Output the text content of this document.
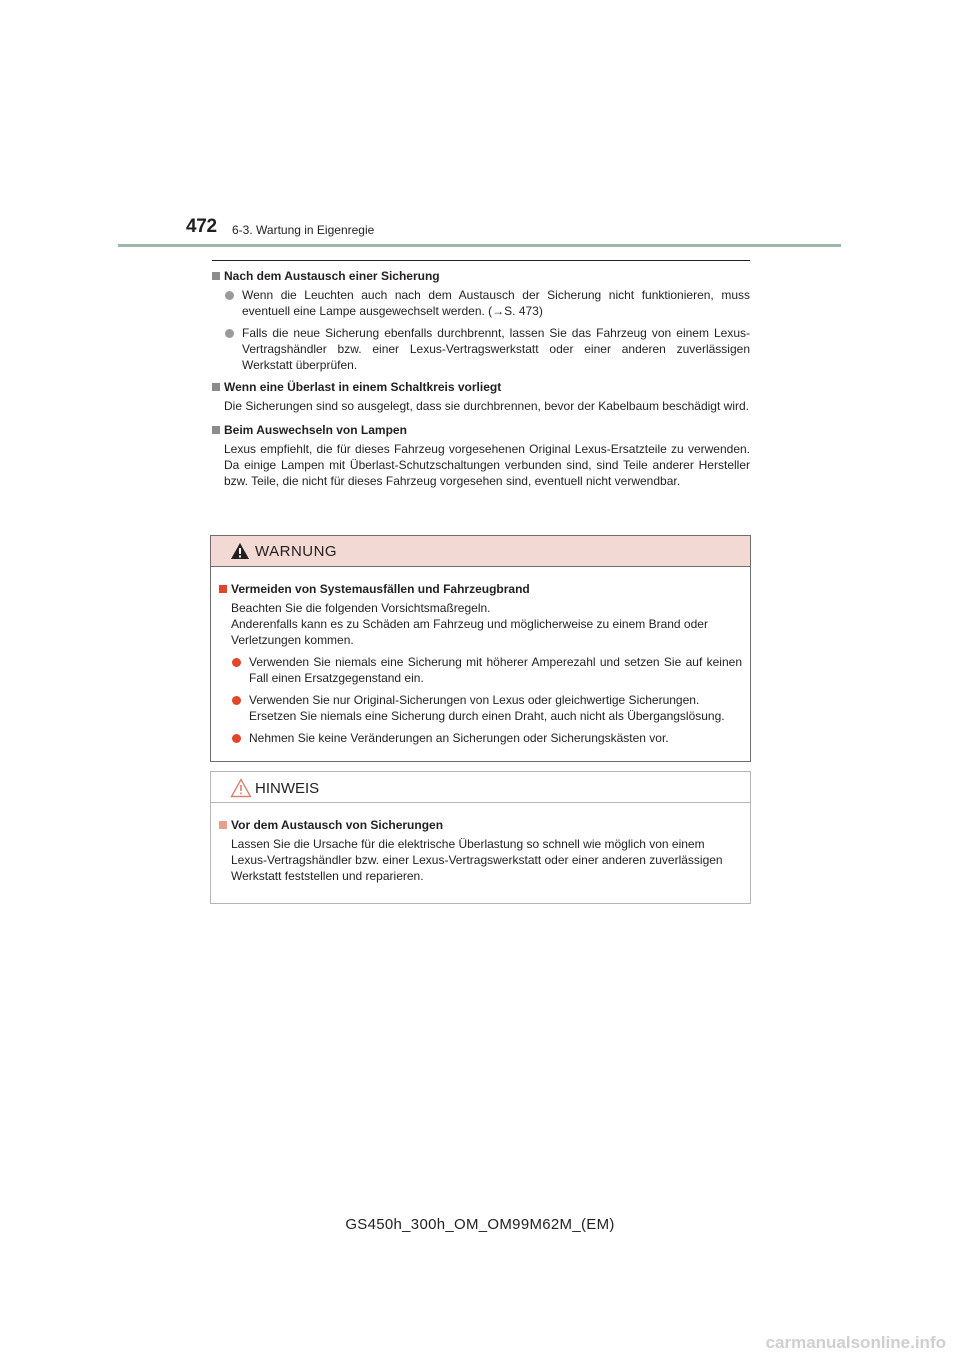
472 6-3. Wartung in Eigenregie
Nach dem Austausch einer Sicherung
Wenn die Leuchten auch nach dem Austausch der Sicherung nicht funktionieren, muss eventuell eine Lampe ausgewechselt werden. (→S. 473)
Falls die neue Sicherung ebenfalls durchbrennt, lassen Sie das Fahrzeug von einem Lexus-Vertragshändler bzw. einer Lexus-Vertragswerkstatt oder einer anderen zuverlässigen Werkstatt überprüfen.
Wenn eine Überlast in einem Schaltkreis vorliegt
Die Sicherungen sind so ausgelegt, dass sie durchbrennen, bevor der Kabelbaum beschädigt wird.
Beim Auswechseln von Lampen
Lexus empfiehlt, die für dieses Fahrzeug vorgesehenen Original Lexus-Ersatzteile zu verwenden. Da einige Lampen mit Überlast-Schutzschaltungen verbunden sind, sind Teile anderer Hersteller bzw. Teile, die nicht für dieses Fahrzeug vorgesehen sind, eventuell nicht verwendbar.
WARNUNG
Vermeiden von Systemausfällen und Fahrzeugbrand
Beachten Sie die folgenden Vorsichtsmaßregeln.
Anderenfalls kann es zu Schäden am Fahrzeug und möglicherweise zu einem Brand oder Verletzungen kommen.
Verwenden Sie niemals eine Sicherung mit höherer Amperezahl und setzen Sie auf keinen Fall einen Ersatzgegenstand ein.
Verwenden Sie nur Original-Sicherungen von Lexus oder gleichwertige Sicherungen. Ersetzen Sie niemals eine Sicherung durch einen Draht, auch nicht als Übergangslösung.
Nehmen Sie keine Veränderungen an Sicherungen oder Sicherungskästen vor.
HINWEIS
Vor dem Austausch von Sicherungen
Lassen Sie die Ursache für die elektrische Überlastung so schnell wie möglich von einem Lexus-Vertragshändler bzw. einer Lexus-Vertragswerkstatt oder einer anderen zuverlässigen Werkstatt feststellen und reparieren.
GS450h_300h_OM_OM99M62M_(EM)
carmanualsonline.info
